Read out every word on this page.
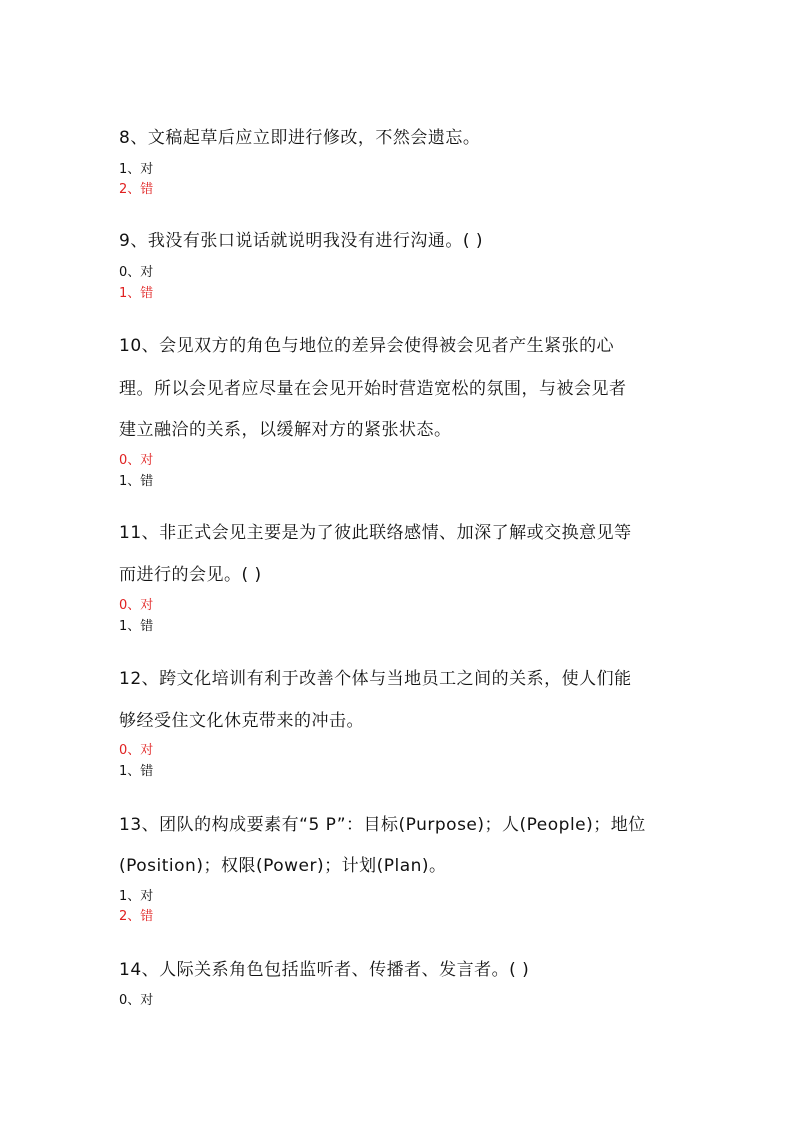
8、文稿起草后应立即进行修改，不然会遗忘。
1、对
2、错
9、我没有张口说话就说明我没有进行沟通。( )
0、对
1、错
10、会见双方的角色与地位的差异会使得被会见者产生紧张的心
理。所以会见者应尽量在会见开始时营造宽松的氛围，与被会见者
建立融洽的关系，以缓解对方的紧张状态。
0、对
1、错
11、非正式会见主要是为了彼此联络感情、加深了解或交换意见等
而进行的会见。( )
0、对
1、错
12、跨文化培训有利于改善个体与当地员工之间的关系，使人们能
够经受住文化休克带来的冲击。
0、对
1、错
13、团队的构成要素有“5 P”：目标(Purpose)；人(People)；地位
(Position)；权限(Power)；计划(Plan)。
1、对
2、错
14、人际关系角色包括监听者、传播者、发言者。( )
0、对
